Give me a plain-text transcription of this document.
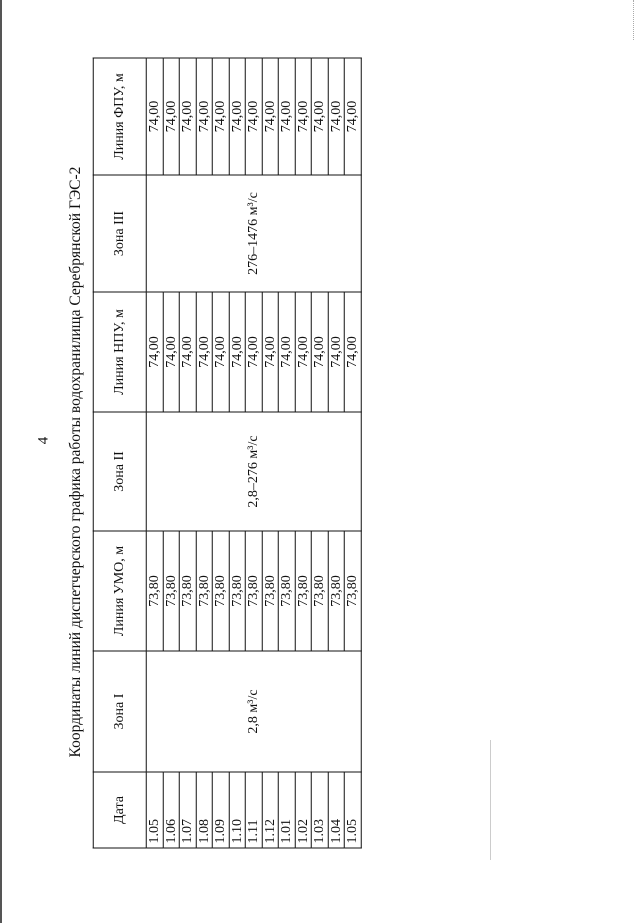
4 Координаты линий диспетчерского графика работы водохранилища Серебрянской ГЭС-2
Дата	Зона I	Линия УМО, м	Зона II	Линия НПУ, м	Зона III	Линия ФПУ, м
1.05	2,8 м³/с	73,80	2,8–276 м³/с	74,00	276–1476 м³/с	74,00
1.06		73,80		74,00		74,00
1.07		73,80		74,00		74,00
1.08		73,80		74,00		74,00
1.09		73,80		74,00		74,00
1.10		73,80		74,00		74,00
1.11		73,80		74,00		74,00
1.12		73,80		74,00		74,00
1.01		73,80		74,00		74,00
1.02		73,80		74,00		74,00
1.03		73,80		74,00		74,00
1.04		73,80		74,00		74,00
1.05		73,80		74,00		74,00
